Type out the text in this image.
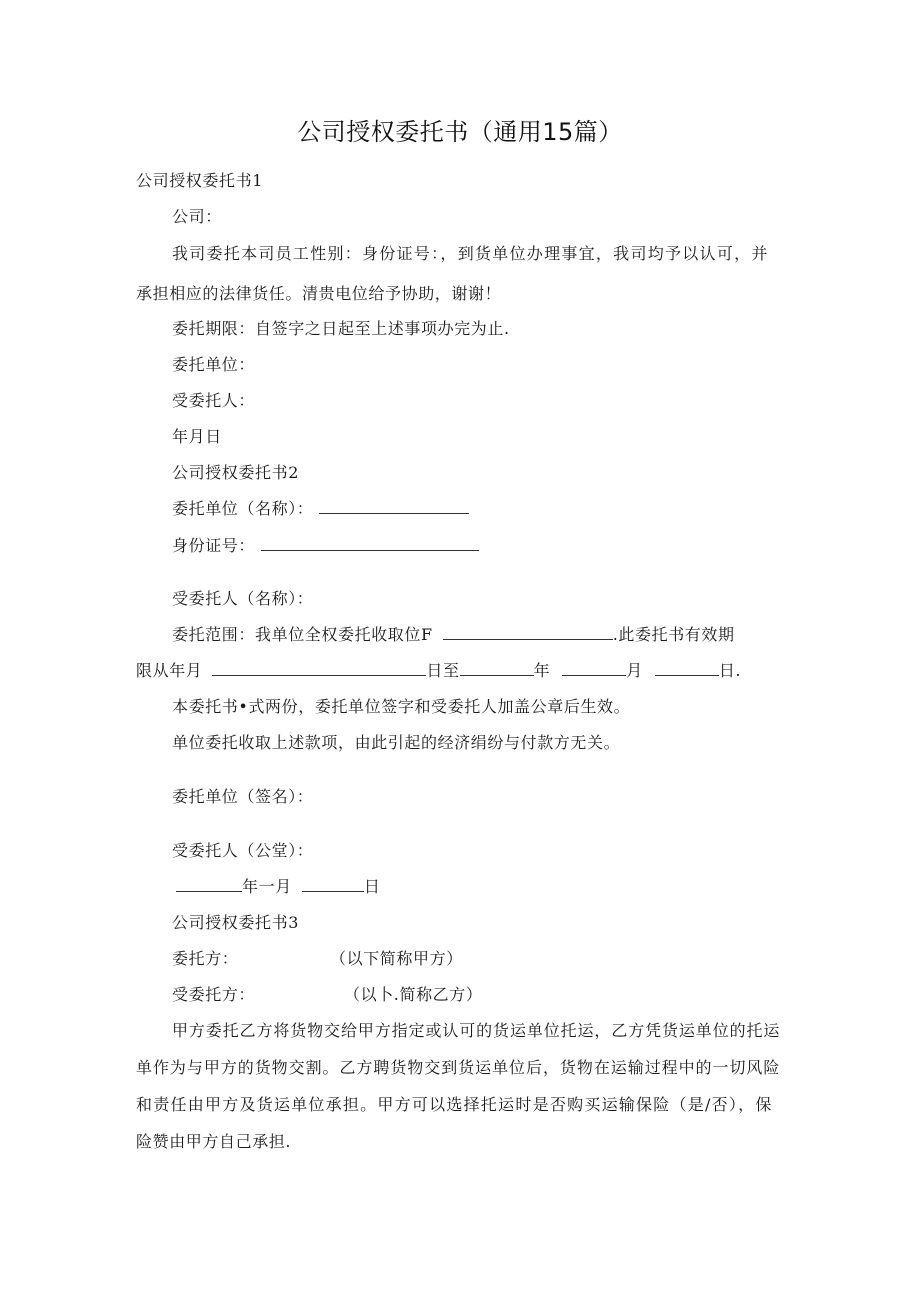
公司授权委托书（通用15篇）
公司授权委托书1
公司：
我司委托本司员工性别：身份证号：，到货单位办理事宜，我司均予以认可，并
承担相应的法律货任。清贵电位给予协助，谢谢！
委托期限：自签字之日起至上述事项办完为止.
委托单位：
受委托人：
年月日
公司授权委托书2
委托单位（名称）：
身份证号：
受委托人（名称）：
委托范围：我单位全权委托收取位F	.此委托书有效期
限从年月	日至	年	月	日.
本委托书•式两份，委托单位签字和受委托人加盖公章后生效。
单位委托收取上述款项，由此引起的经济绢纷与付款方无关。
委托单位（签名）：
受委托人（公堂）：
年一月	日
公司授权委托书3
委托方：	（以下简称甲方）
受委托方：	（以卜.简称乙方）
甲方委托乙方将货物交给甲方指定或认可的货运单位托运，乙方凭货运单位的托运
单作为与甲方的货物交割。乙方聘货物交到货运单位后，货物在运输过程中的一切风险
和责任由甲方及货运单位承担。甲方可以选择托运时是否购买运输保险（是/否），保
险赞由甲方自己承担.
